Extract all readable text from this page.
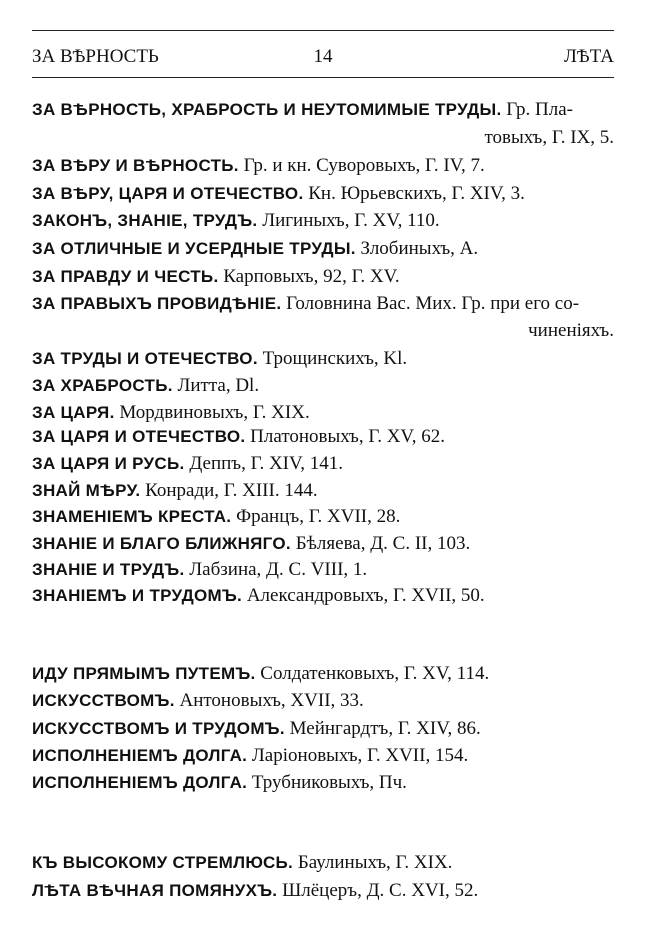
ЗА ВѢРНОСТЬ	14	ЛѢТА
ЗА ВѢРНОСТЬ, ХРАБРОСТЬ И НЕУТОМИМЫЕ ТРУДЫ. Гр. Пла-
товыхъ, Г. IX, 5.
ЗА ВѢРУ И ВѢРНОСТЬ. Гр. и кн. Суворовыхъ, Г. IV, 7.
ЗА ВѢРУ, ЦАРЯ И ОТЕЧЕСТВО. Кн. Юрьевскихъ, Г. XIV, 3.
ЗАКОНЪ, ЗНАНІЕ, ТРУДЪ. Лигиныхъ, Г. XV, 110.
ЗА ОТЛИЧНЫЕ И УСЕРДНЫЕ ТРУДЫ. Злобиныхъ, А.
ЗА ПРАВДУ И ЧЕСТЬ. Карповыхъ, 92, Г. XV.
ЗА ПРАВЫХЪ ПРОВИДѢНІЕ. Головнина Вас. Мих. Гр. при его со-
чиненіяхъ.
ЗА ТРУДЫ И ОТЕЧЕСТВО. Трощинскихъ, Kl.
ЗА ХРАБРОСТЬ. Литта, Dl.
ЗА ЦАРЯ. Мордвиновыхъ, Г. XIX.
ЗА ЦАРЯ И ОТЕЧЕСТВО. Платоновыхъ, Г. XV, 62.
ЗА ЦАРЯ И РУСЬ. Деппъ, Г. XIV, 141.
ЗНАЙ МѢРУ. Конради, Г. XIII. 144.
ЗНАМЕНІЕМЪ КРЕСТА. Францъ, Г. XVII, 28.
ЗНАНІЕ И БЛАГО БЛИЖНЯГО. Бѣляева, Д. С. II, 103.
ЗНАНІЕ И ТРУДЪ. Лабзина, Д. С. VIII, 1.
ЗНАНІЕМЪ И ТРУДОМЪ. Александровыхъ, Г. XVII, 50.
ИДУ ПРЯМЫМЪ ПУТЕМЪ. Солдатенковыхъ, Г. XV, 114.
ИСКУССТВОМЪ. Антоновыхъ, XVII, 33.
ИСКУССТВОМЪ И ТРУДОМЪ. Мейнгардтъ, Г. XIV, 86.
ИСПОЛНЕНІЕМЪ ДОЛГА. Ларіоновыхъ, Г. XVII, 154.
ИСПОЛНЕНІЕМЪ ДОЛГА. Трубниковыхъ, Пч.
КЪ ВЫСОКОМУ СТРЕМЛЮСЬ. Баулиныхъ, Г. XIX.
ЛѢТА ВѢЧНАЯ ПОМЯНУХЪ. Шлёцеръ, Д. С. XVI, 52.
